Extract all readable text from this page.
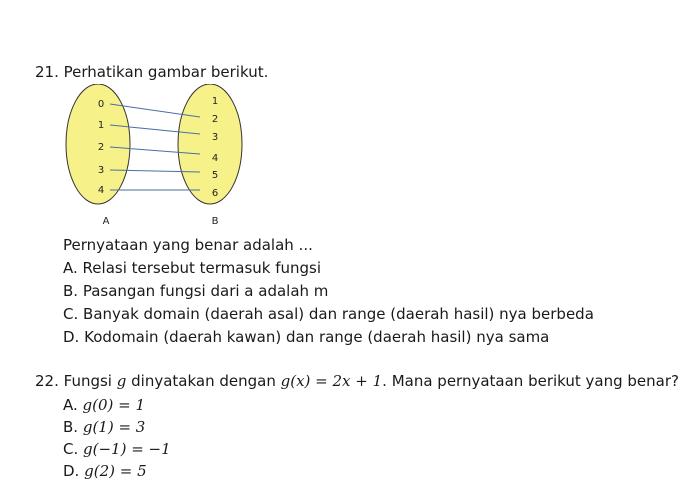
21. Perhatikan gambar berikut.
0
1
2
3
4
1
2
3
4
5
6
A	B
Pernyataan yang benar adalah ...
A. Relasi tersebut termasuk fungsi
B. Pasangan fungsi dari a adalah m
C. Banyak domain (daerah asal) dan range (daerah hasil) nya berbeda
D. Kodomain (daerah kawan) dan range (daerah hasil) nya sama
22. Fungsi g dinyatakan dengan g(x) = 2x + 1. Mana pernyataan berikut yang benar?
A. g(0) = 1
B. g(1) = 3
C. g(−1) = −1
D. g(2) = 5
